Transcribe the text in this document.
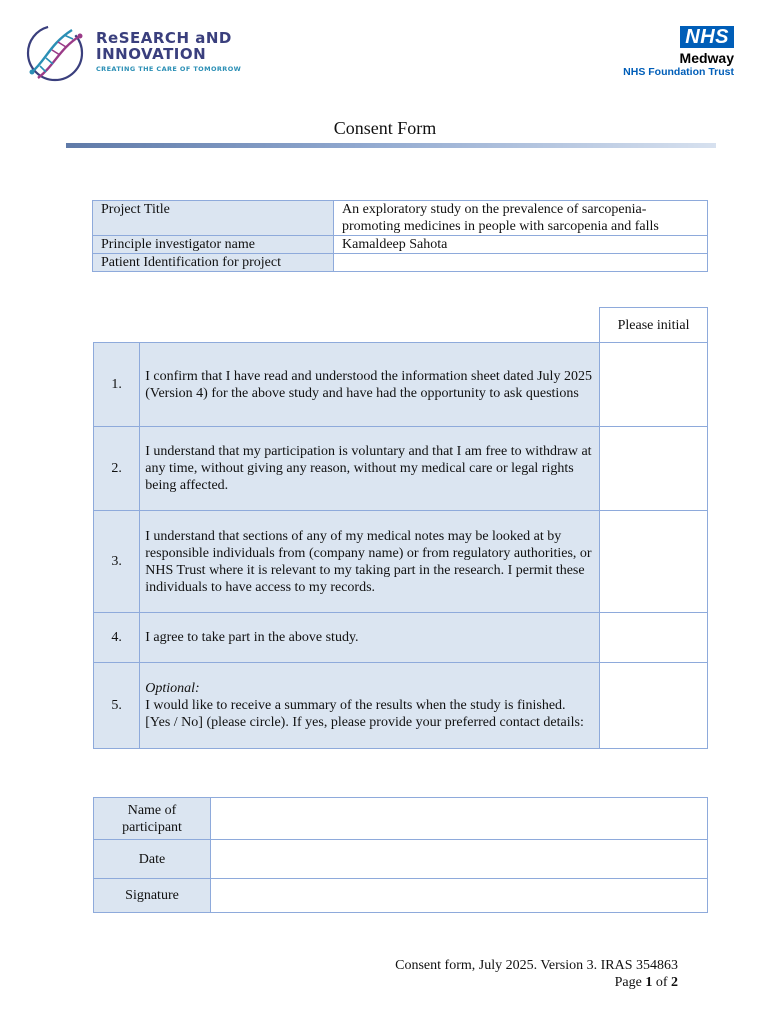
ReSEARCH aND
INNOVATION
CREATING THE CARE OF TOMORROW
NHS
Medway
NHS Foundation Trust
Consent Form
Project Title	An exploratory study on the prevalence of sarcopenia-promoting medicines in people with sarcopenia and falls
Principle investigator name	Kamaldeep Sahota
Patient Identification for project	
		Please initial
1.	I confirm that I have read and understood the information sheet dated July 2025 (Version 4) for the above study and have had the opportunity to ask questions	
2.	I understand that my participation is voluntary and that I am free to withdraw at any time, without giving any reason, without my medical care or legal rights being affected.	
3.	I understand that sections of any of my medical notes may be looked at by responsible individuals from (company name) or from regulatory authorities, or NHS Trust where it is relevant to my taking part in the research. I permit these individuals to have access to my records.	
4.	I agree to take part in the above study.	
5.	Optional:
I would like to receive a summary of the results when the study is finished.
[Yes / No] (please circle). If yes, please provide your preferred contact details:	

Name of participant	
Date	
Signature	
Consent form, July 2025. Version 3. IRAS 354863
Page 1 of 2
